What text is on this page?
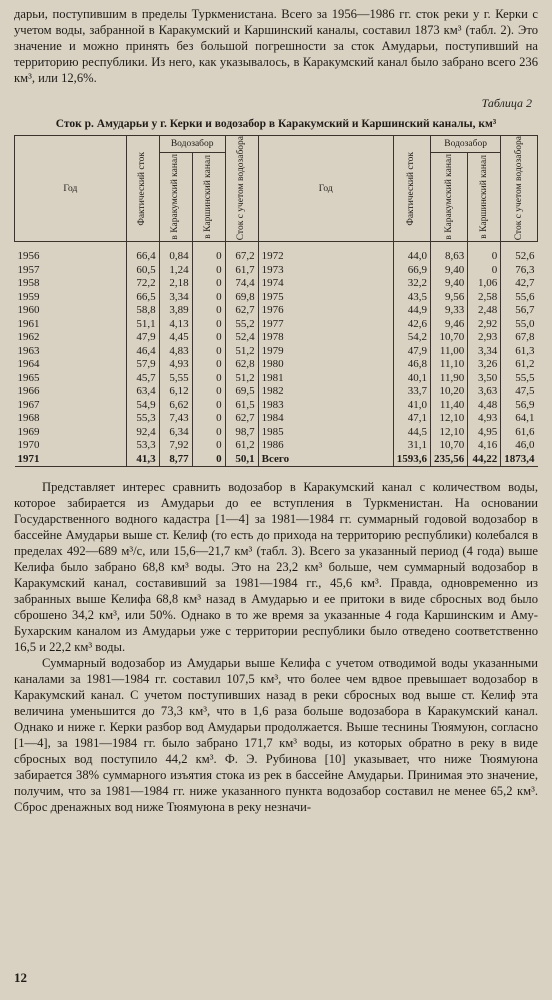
дарьи, поступившим в пределы Туркменистана. Всего за 1956—1986 гг. сток реки у г. Керки с учетом воды, забранной в Каракумский и Каршинский каналы, составил 1873 км³ (табл. 2). Это значение и можно принять без большой погрешности за сток Амударьи, поступивший на территорию республики. Из него, как указывалось, в Каракумский канал было забрано всего 236 км³, или 12,6%.

Таблица 2
Сток р. Амударьи у г. Керки и водозабор в Каракумский и Каршинский каналы, км³
Год	Фактический сток	Водозабор		Сток с учетом водозабора	Год	Фактический сток	Водозабор		Сток с учетом водозабора

		в Каракумский канал	в Каршинский канал				в Каракумский канал	в Каршинский канал	

1956	66,4	0,84	0	67,2	1972	44,0	8,63	0	52,6
1957	60,5	1,24	0	61,7	1973	66,9	9,40	0	76,3
1958	72,2	2,18	0	74,4	1974	32,2	9,40	1,06	42,7
1959	66,5	3,34	0	69,8	1975	43,5	9,56	2,58	55,6
1960	58,8	3,89	0	62,7	1976	44,9	9,33	2,48	56,7
1961	51,1	4,13	0	55,2	1977	42,6	9,46	2,92	55,0
1962	47,9	4,45	0	52,4	1978	54,2	10,70	2,93	67,8
1963	46,4	4,83	0	51,2	1979	47,9	11,00	3,34	61,3
1964	57,9	4,93	0	62,8	1980	46,8	11,10	3,26	61,2
1965	45,7	5,55	0	51,2	1981	40,1	11,90	3,50	55,5
1966	63,4	6,12	0	69,5	1982	33,7	10,20	3,63	47,5
1967	54,9	6,62	0	61,5	1983	41,0	11,40	4,48	56,9
1968	55,3	7,43	0	62,7	1984	47,1	12,10	4,93	64,1
1969	92,4	6,34	0	98,7	1985	44,5	12,10	4,95	61,6
1970	53,3	7,92	0	61,2	1986	31,1	10,70	4,16	46,0
1971	41,3	8,77	0	50,1	Всего	1593,6	235,56	44,22	1873,4

Представляет интерес сравнить водозабор в Каракумский канал с количеством воды, которое забирается из Амударьи до ее вступления в Туркменистан. На основании Государственного водного кадастра [1—4] за 1981—1984 гг. суммарный годовой водозабор в бассейне Амударьи выше ст. Келиф (то есть до прихода на территорию республики) колебался в пределах 492—689 м³/с, или 15,6—21,7 км³ (табл. 3). Всего за указанный период (4 года) выше Келифа было забрано 68,8 км³ воды. Это на 23,2 км³ больше, чем суммарный водозабор в Каракумский канал, составивший за 1981—1984 гг., 45,6 км³. Правда, одновременно из забранных выше Келифа 68,8 км³ назад в Амударью и ее притоки в виде сбросных вод было сброшено 34,2 км³, или 50%. Однако в то же время за указанные 4 года Каршинским и Аму-Бухарским каналом из Амударьи уже с территории республики было отведено соответственно 16,5 и 22,2 км³ воды.

Суммарный водозабор из Амударьи выше Келифа с учетом отводимой воды указанными каналами за 1981—1984 гг. составил 107,5 км³, что более чем вдвое превышает водозабор в Каракумский канал. С учетом поступивших назад в реки сбросных вод выше ст. Келиф эта величина уменьшится до 73,3 км³, что в 1,6 раза больше водозабора в Каракумский канал. Однако и ниже г. Керки разбор вод Амударьи продолжается. Выше теснины Тюямуюн, согласно [1—4], за 1981—1984 гг. было забрано 171,7 км³ воды, из которых обратно в реку в виде сбросных вод поступило 44,2 км³. Ф. Э. Рубинова [10] указывает, что ниже Тюямуюна забирается 38% суммарного изъятия стока из рек в бассейне Амударьи. Принимая это значение, получим, что за 1981—1984 гг. ниже указанного пункта водозабор составил не менее 65,2 км³. Сброс дренажных вод ниже Тюямуюна в реку незначи-

12
